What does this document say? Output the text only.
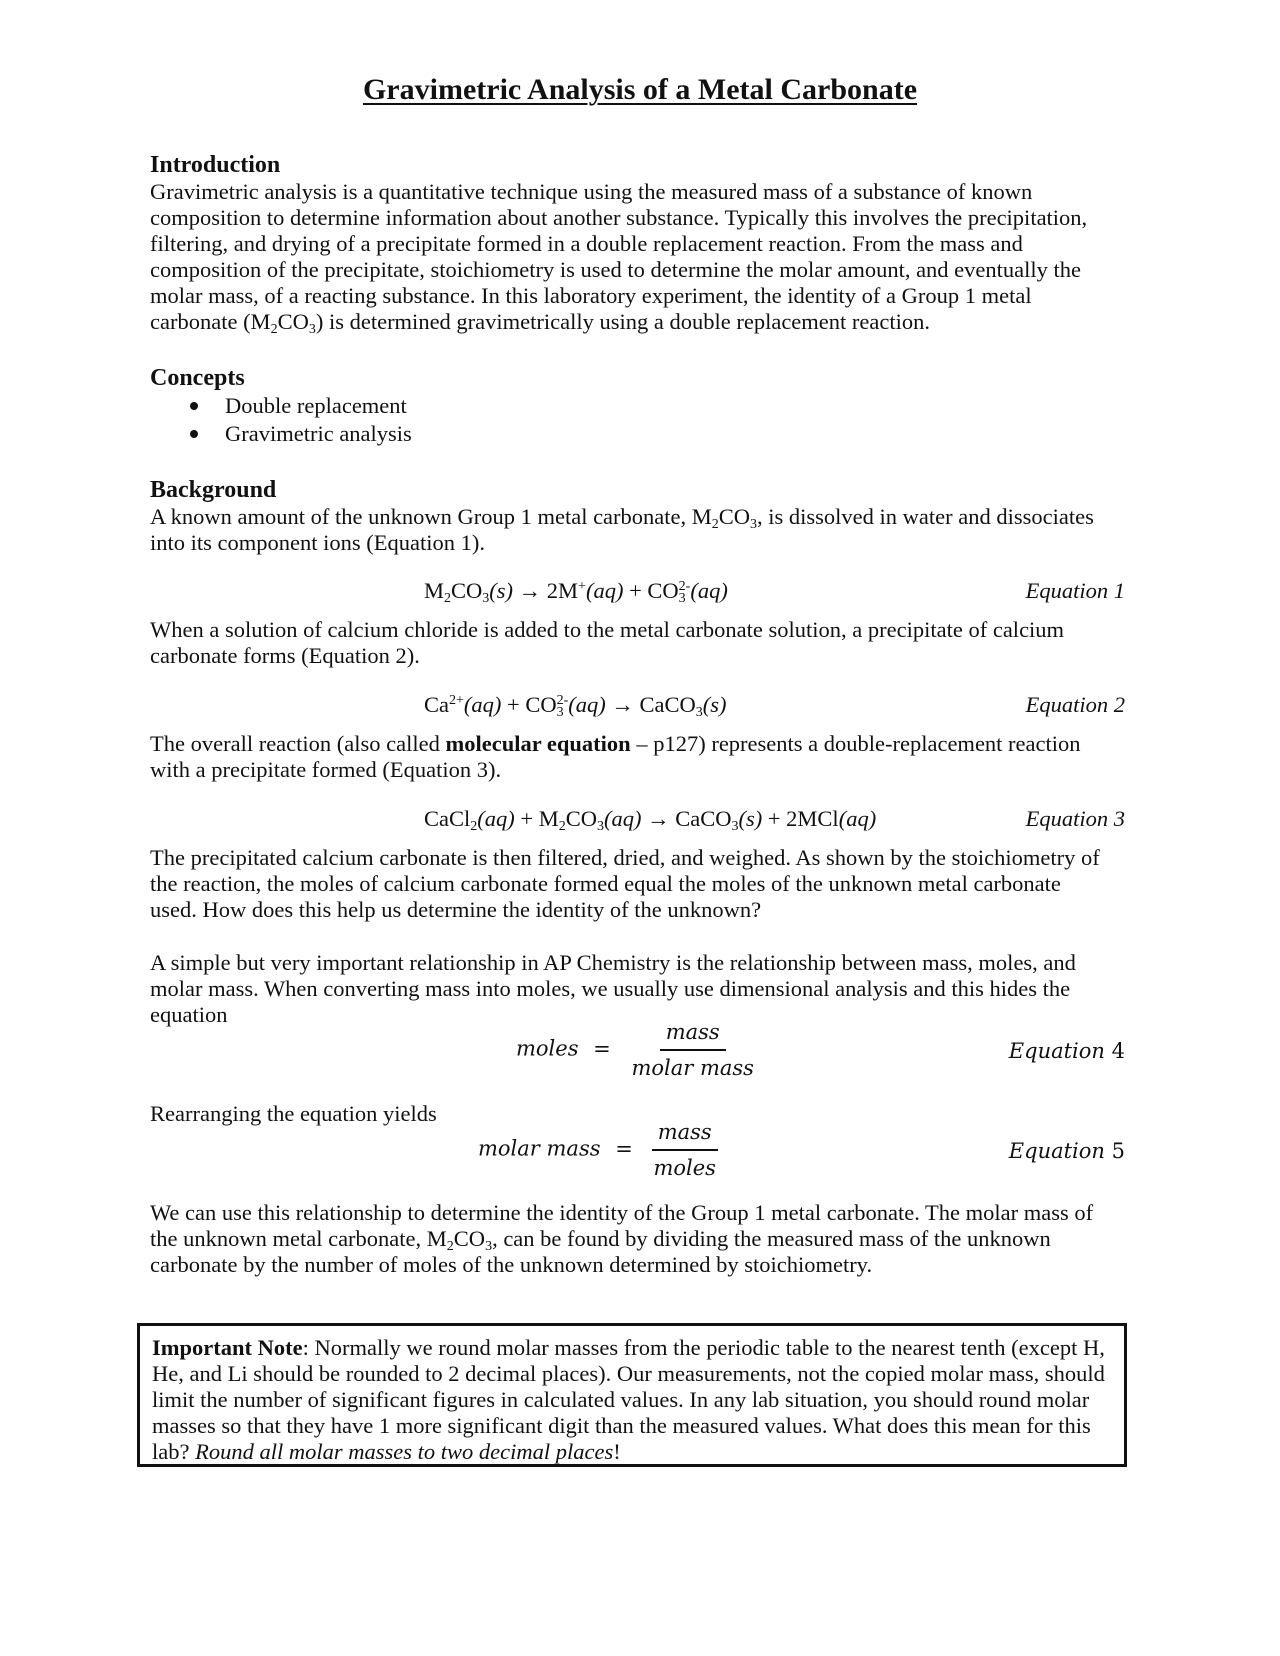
Gravimetric Analysis of a Metal Carbonate
Introduction
Gravimetric analysis is a quantitative technique using the measured mass of a substance of known
composition to determine information about another substance. Typically this involves the precipitation,
filtering, and drying of a precipitate formed in a double replacement reaction. From the mass and
composition of the precipitate, stoichiometry is used to determine the molar amount, and eventually the
molar mass, of a reacting substance. In this laboratory experiment, the identity of a Group 1 metal
carbonate $(M_2CO_3)$ is determined gravimetrically using a double replacement reaction.
Concepts
Double replacement
Gravimetric analysis
Background
A known amount of the unknown Group 1 metal carbonate, $M_2CO_3$, is dissolved in water and dissociates
into its component ions (Equation 1).
$M_2CO_3(s) \to 2M^+(aq) + CO_3^{2-}(aq)$	Equation 1
When a solution of calcium chloride is added to the metal carbonate solution, a precipitate of calcium
carbonate forms (Equation 2).
$Ca^{2+}(aq) + CO_3^{2-}(aq)$ → CaCO$_3$(s)	Equation 2
The overall reaction (also called molecular equation – p127) represents a double-replacement reaction
with a precipitate formed (Equation 3).
CaCl$_2$(aq) + $M_2CO_3(aq)$ → CaCO$_3$(s) + 2MCl(aq)	Equation 3
The precipitated calcium carbonate is then filtered, dried, and weighed. As shown by the stoichiometry of
the reaction, the moles of calcium carbonate formed equal the moles of the unknown metal carbonate
used. How does this help us determine the identity of the unknown?
A simple but very important relationship in AP Chemistry is the relationship between mass, moles, and
molar mass. When converting mass into moles, we usually use dimensional analysis and this hides the
equation
moles = $\frac{\text{mass}}{\text{molar mass}}$	Equation 4
Rearranging the equation yields
molar mass = $\frac{\text{mass}}{\text{moles}}$	Equation 5
We can use this relationship to determine the identity of the Group 1 metal carbonate. The molar mass of
the unknown metal carbonate, $M_2CO_3$, can be found by dividing the measured mass of the unknown
carbonate by the number of moles of the unknown determined by stoichiometry.
Important Note: Normally we round molar masses from the periodic table to the nearest tenth (except H,
He, and Li should be rounded to 2 decimal places). Our measurements, not the copied molar mass, should
limit the number of significant figures in calculated values. In any lab situation, you should round molar
masses so that they have 1 more significant digit than the measured values. What does this mean for this
lab? Round all molar masses to two decimal places!
